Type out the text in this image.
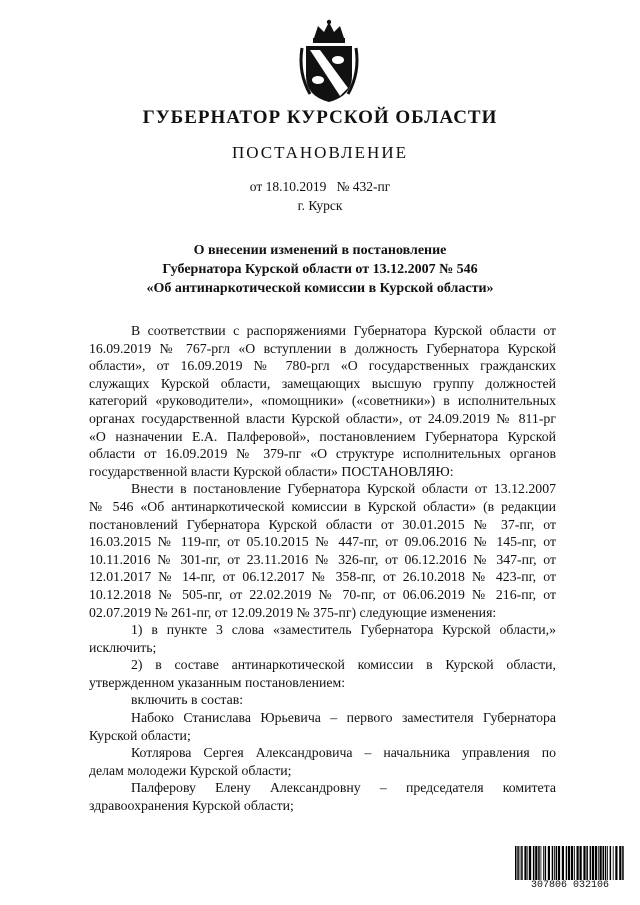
ГУБЕРНАТОР КУРСКОЙ ОБЛАСТИ
ПОСТАНОВЛЕНИЕ
от 18.10.2019   № 432-пг
г. Курск
О внесении изменений в постановление
Губернатора Курской области от 13.12.2007 № 546
«Об антинаркотической комиссии в Курской области»

В соответствии с распоряжениями Губернатора Курской области от

16.09.2019 № 767-ргл «О вступлении в должность Губернатора Курской

области», от 16.09.2019 № 780-ргл «О государственных гражданских

служащих Курской области, замещающих высшую группу должностей

категорий «руководители», «помощники» («советники») в исполнительных

органах государственной власти Курской области», от 24.09.2019 № 811-рг

«О назначении Е.А. Палферовой», постановлением Губернатора Курской

области от 16.09.2019 № 379-пг «О структуре исполнительных органов

государственной власти Курской области» ПОСТАНОВЛЯЮ:

Внести в постановление Губернатора Курской области от 13.12.2007

№ 546 «Об антинаркотической комиссии в Курской области» (в редакции

постановлений Губернатора Курской области от 30.01.2015 № 37-пг, от

16.03.2015 № 119-пг, от 05.10.2015 № 447-пг, от 09.06.2016 № 145-пг, от

10.11.2016 № 301-пг, от 23.11.2016 № 326-пг, от 06.12.2016 № 347-пг, от

12.01.2017 № 14-пг, от 06.12.2017 № 358-пг, от 26.10.2018 № 423-пг, от

10.12.2018 № 505-пг, от 22.02.2019 № 70-пг, от 06.06.2019 № 216-пг, от

02.07.2019 № 261-пг, от 12.09.2019 № 375-пг) следующие изменения:

1) в пункте 3 слова «заместитель Губернатора Курской области,»

исключить;

2) в составе антинаркотической комиссии в Курской области,

утвержденном указанным постановлением:

включить в состав:

Набоко Станислава Юрьевича – первого заместителя Губернатора

Курской области;

Котлярова Сергея Александровича – начальника управления по

делам молодежи Курской области;

Палферову Елену Александровну – председателя комитета

здравоохранения Курской области;

307806 032106
